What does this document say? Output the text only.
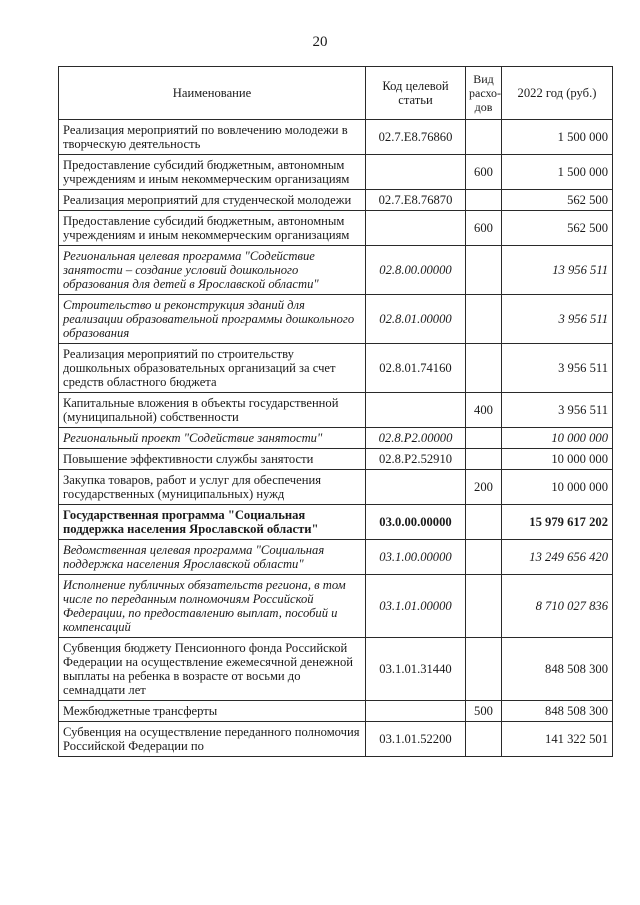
20
Наименование	Код целевой статьи	Вид расхо- дов	2022 год (руб.)
Реализация мероприятий по вовлечению молодежи в творческую деятельность	02.7.E8.76860		1 500 000
Предоставление субсидий бюджетным, автономным учреждениям и иным некоммерческим организациям		600	1 500 000
Реализация мероприятий для студенческой молодежи	02.7.E8.76870		562 500
Предоставление субсидий бюджетным, автономным учреждениям и иным некоммерческим организациям		600	562 500
Региональная целевая программа "Содействие занятости – создание условий дошкольного образования для детей в Ярославской области"	02.8.00.00000		13 956 511
Строительство и реконструкция зданий для реализации образовательной программы дошкольного образования	02.8.01.00000		3 956 511
Реализация мероприятий по строительству дошкольных образовательных организаций за счет средств областного бюджета	02.8.01.74160		3 956 511
Капитальные вложения в объекты государственной (муниципальной) собственности		400	3 956 511
Региональный проект "Содействие занятости"	02.8.P2.00000		10 000 000
Повышение эффективности службы занятости	02.8.P2.52910		10 000 000
Закупка товаров, работ и услуг для обеспечения государственных (муниципальных) нужд		200	10 000 000
Государственная программа "Социальная поддержка населения Ярославской области"	03.0.00.00000		15 979 617 202
Ведомственная целевая программа "Социальная поддержка населения Ярославской области"	03.1.00.00000		13 249 656 420
Исполнение публичных обязательств региона, в том числе по переданным полномочиям Российской Федерации, по предоставлению выплат, пособий и компенсаций	03.1.01.00000		8 710 027 836
Субвенция бюджету Пенсионного фонда Российской Федерации на осуществление ежемесячной денежной выплаты на ребенка в возрасте от восьми до семнадцати лет	03.1.01.31440		848 508 300
Межбюджетные трансферты		500	848 508 300
Субвенция на осуществление переданного полномочия Российской Федерации по	03.1.01.52200		141 322 501
